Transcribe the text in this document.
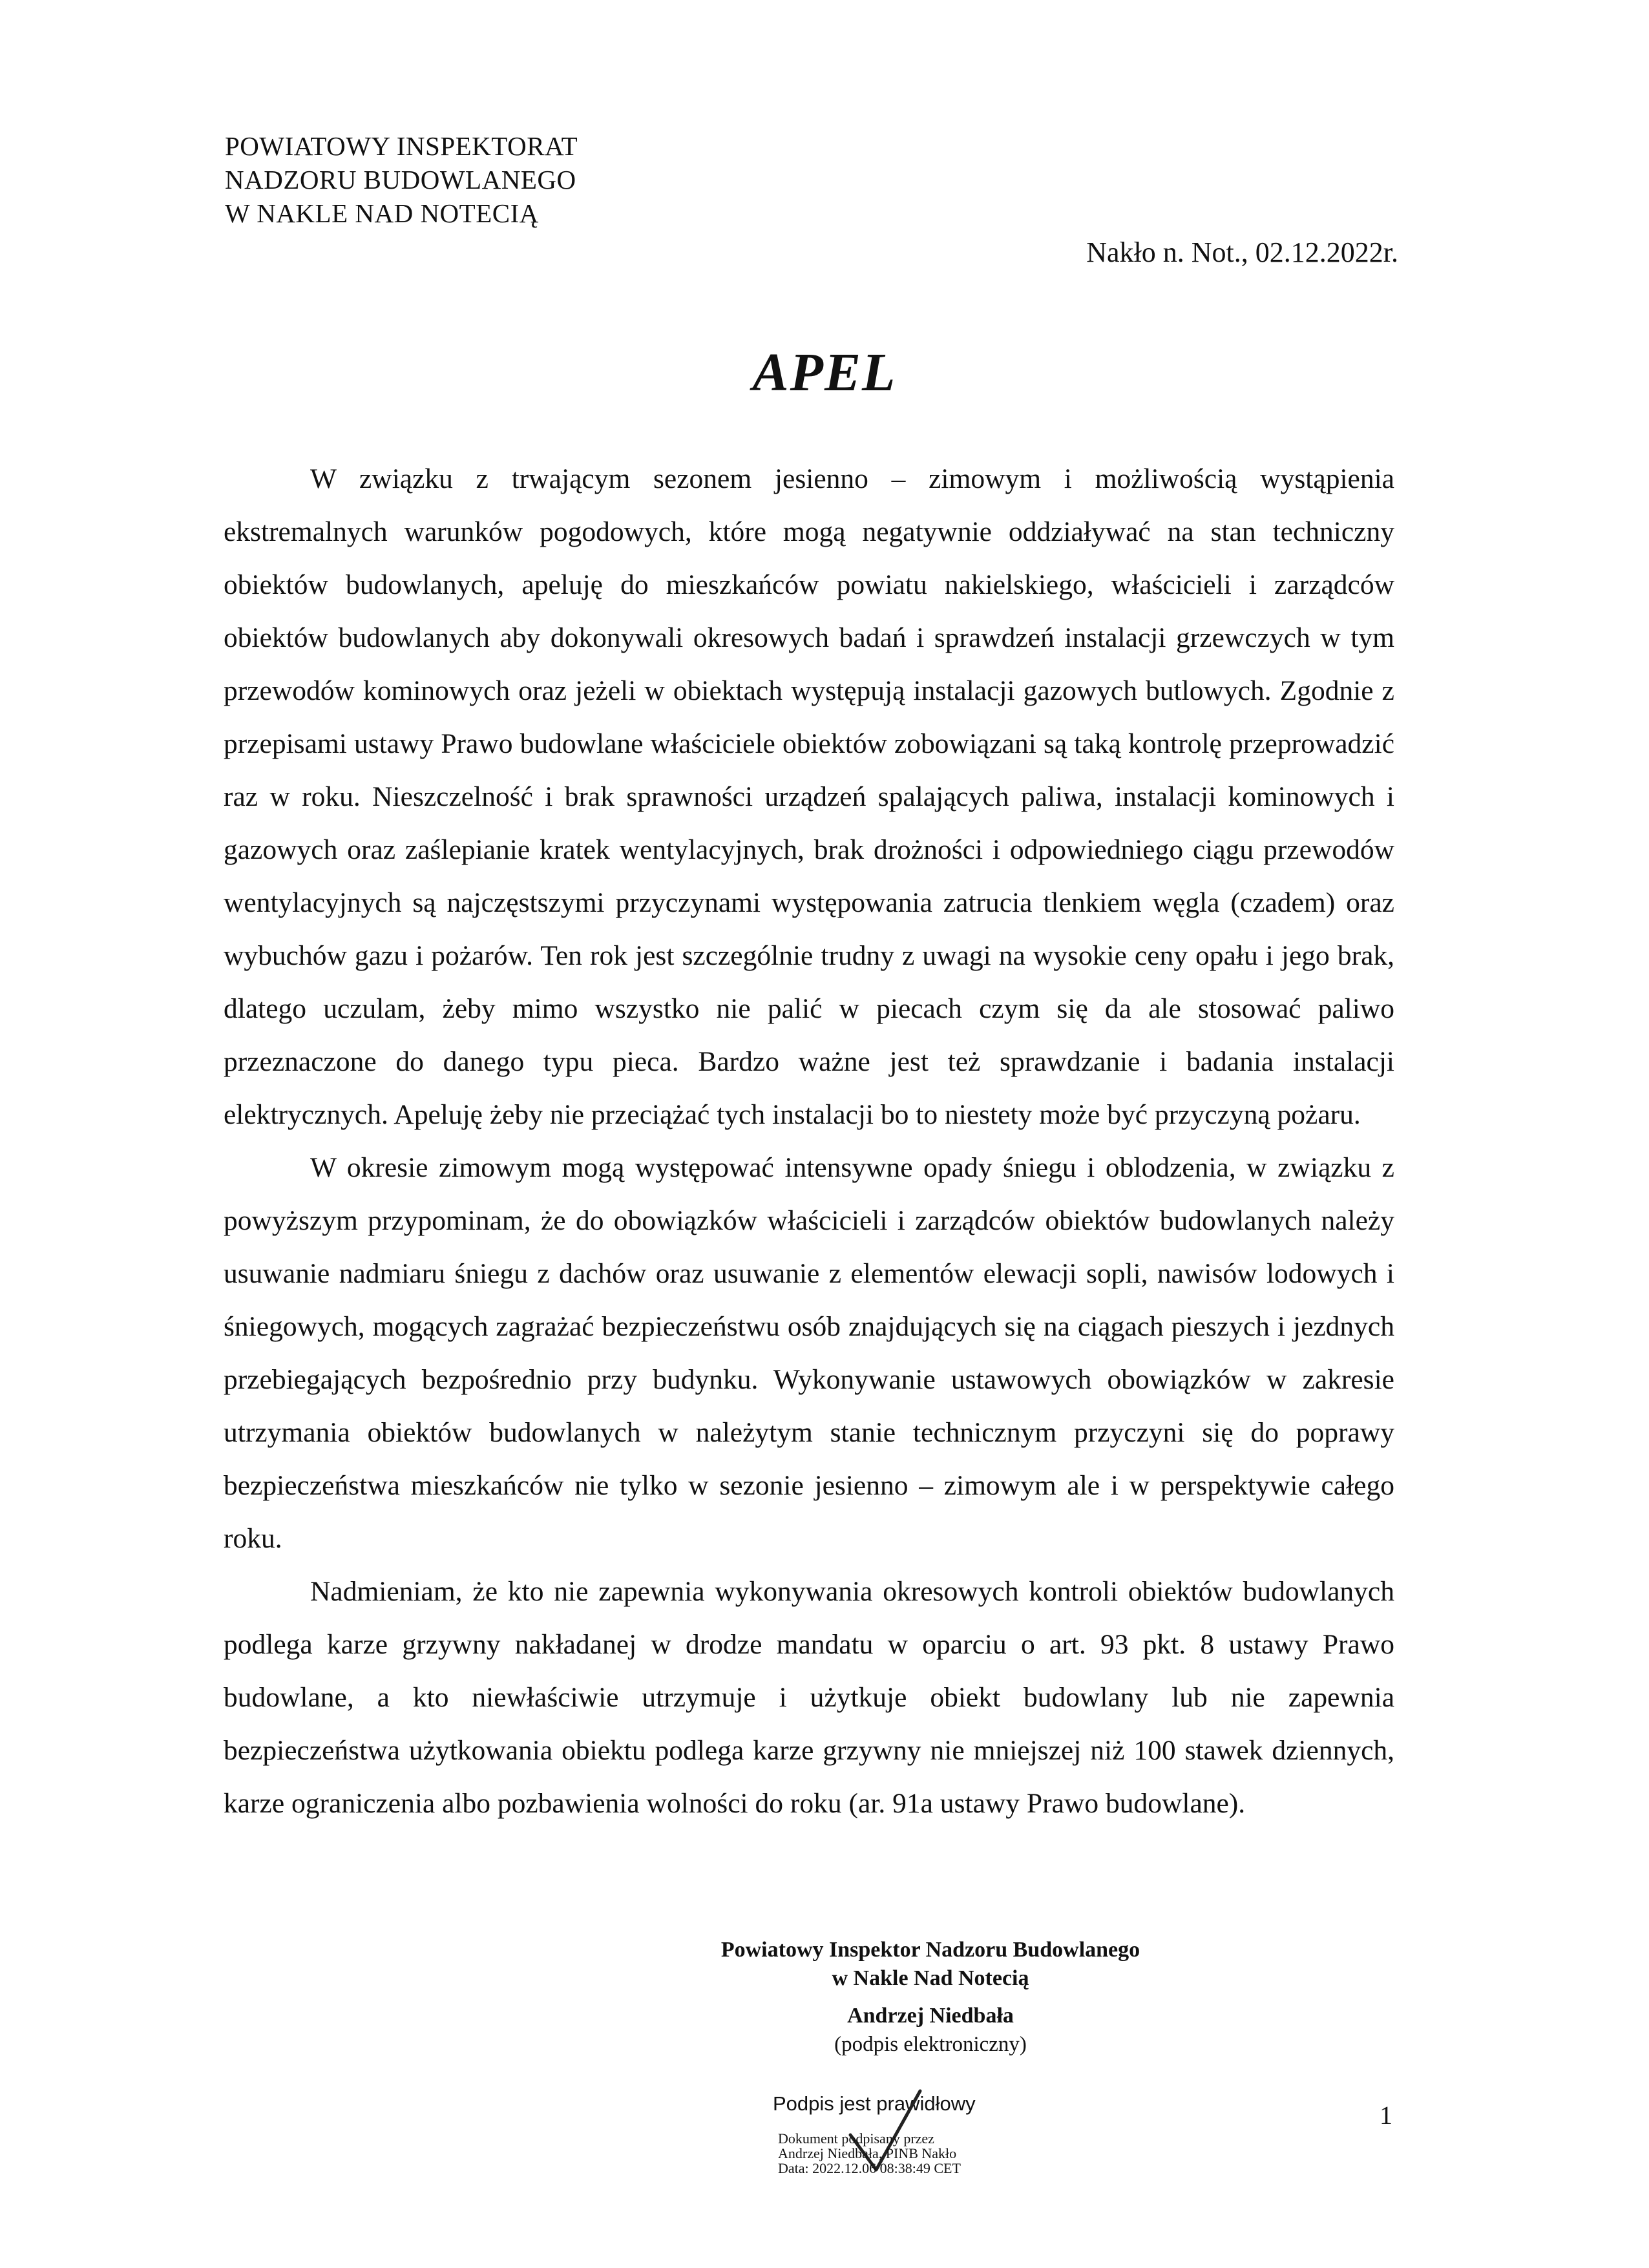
POWIATOWY INSPEKTORAT
NADZORU BUDOWLANEGO
W NAKLE NAD NOTECIĄ
Nakło n. Not., 02.12.2022r.
APEL

W związku z trwającym sezonem jesienno – zimowym i możliwością wystąpienia ekstremalnych warunków pogodowych, które mogą negatywnie oddziaływać na stan techniczny obiektów budowlanych, apeluję do mieszkańców powiatu nakielskiego, właścicieli i zarządców obiektów budowlanych aby dokonywali okresowych badań i sprawdzeń instalacji grzewczych w tym przewodów kominowych oraz jeżeli w obiektach występują instalacji gazowych butlowych. Zgodnie z przepisami ustawy Prawo budowlane właściciele obiektów zobowiązani są taką kontrolę przeprowadzić raz w roku. Nieszczelność i brak sprawności urządzeń spalających paliwa, instalacji kominowych i gazowych oraz zaślepianie kratek wentylacyjnych, brak drożności i odpowiedniego ciągu przewodów wentylacyjnych są najczęstszymi przyczynami występowania zatrucia tlenkiem węgla (czadem) oraz wybuchów gazu i pożarów. Ten rok jest szczególnie trudny z uwagi na wysokie ceny opału i jego brak, dlatego uczulam, żeby mimo wszystko nie palić w piecach czym się da ale stosować paliwo przeznaczone do danego typu pieca. Bardzo ważne jest też sprawdzanie i badania instalacji elektrycznych. Apeluję żeby nie przeciążać tych instalacji bo to niestety może być przyczyną pożaru.

W okresie zimowym mogą występować intensywne opady śniegu i oblodzenia, w związku z powyższym przypominam, że do obowiązków właścicieli i zarządców obiektów budowlanych należy usuwanie nadmiaru śniegu z dachów oraz usuwanie z elementów elewacji sopli, nawisów lodowych i śniegowych, mogących zagrażać bezpieczeństwu osób znajdujących się na ciągach pieszych i jezdnych przebiegających bezpośrednio przy budynku. Wykonywanie ustawowych obowiązków w zakresie utrzymania obiektów budowlanych w należytym stanie technicznym przyczyni się do poprawy bezpieczeństwa mieszkańców nie tylko w sezonie jesienno – zimowym ale i w perspektywie całego roku.

Nadmieniam, że kto nie zapewnia wykonywania okresowych kontroli obiektów budowlanych podlega karze grzywny nakładanej w drodze mandatu w oparciu o art. 93 pkt. 8 ustawy Prawo budowlane, a kto niewłaściwie utrzymuje i użytkuje obiekt budowlany lub nie zapewnia bezpieczeństwa użytkowania obiektu podlega karze grzywny nie mniejszej niż 100 stawek dziennych, karze ograniczenia albo pozbawienia wolności do roku (ar. 91a ustawy Prawo budowlane).

Powiatowy Inspektor Nadzoru Budowlanego
w Nakle Nad Notecią
Andrzej Niedbała
(podpis elektroniczny)
Podpis jest prawidłowy
Dokument podpisany przez
Andrzej Niedbała, PINB Nakło
Data: 2022.12.06 08:38:49 CET
1
